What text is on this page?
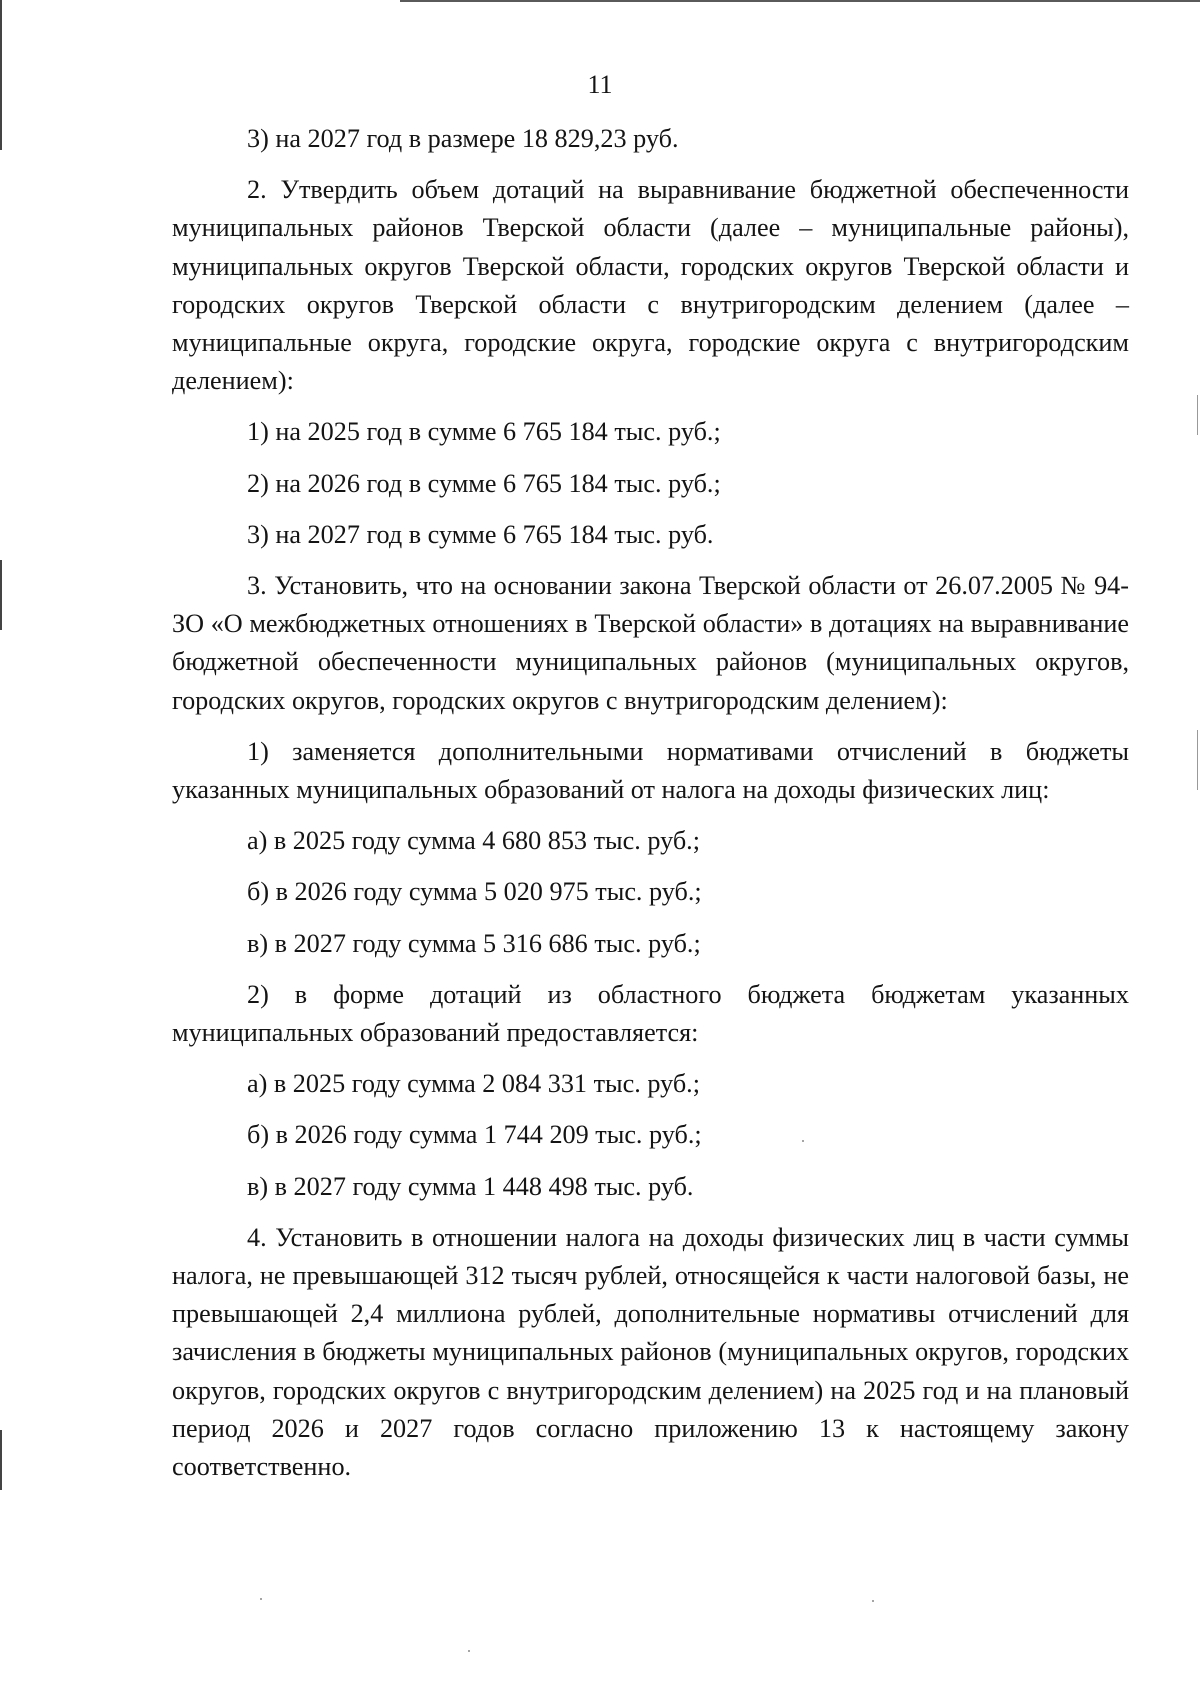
11

3) на 2027 год в размере 18 829,23 руб.

2. Утвердить объем дотаций на выравнивание бюджетной обеспеченности муниципальных районов Тверской области (далее – муниципальные районы), муниципальных округов Тверской области, городских округов Тверской области и городских округов Тверской области с внутригородским делением (далее – муниципальные округа, городские округа, городские округа с внутригородским делением):

1) на 2025 год в сумме 6 765 184 тыс. руб.;

2) на 2026 год в сумме 6 765 184 тыс. руб.;

3) на 2027 год в сумме 6 765 184 тыс. руб.

3. Установить, что на основании закона Тверской области от 26.07.2005 № 94-ЗО «О межбюджетных отношениях в Тверской области» в дотациях на выравнивание бюджетной обеспеченности муниципальных районов (муниципальных округов, городских округов, городских округов с внутригородским делением):

1) заменяется дополнительными нормативами отчислений в бюджеты указанных муниципальных образований от налога на доходы физических лиц:

а) в 2025 году сумма 4 680 853 тыс. руб.;

б) в 2026 году сумма 5 020 975 тыс. руб.;

в) в 2027 году сумма 5 316 686 тыс. руб.;

2) в форме дотаций из областного бюджета бюджетам указанных муниципальных образований предоставляется:

а) в 2025 году сумма 2 084 331 тыс. руб.;

б) в 2026 году сумма 1 744 209 тыс. руб.;

в) в 2027 году сумма 1 448 498 тыс. руб.

4. Установить в отношении налога на доходы физических лиц в части суммы налога, не превышающей 312 тысяч рублей, относящейся к части налоговой базы, не превышающей 2,4 миллиона рублей, дополнительные нормативы отчислений для зачисления в бюджеты муниципальных районов (муниципальных округов, городских округов, городских округов с внутригородским делением) на 2025 год и на плановый период 2026 и 2027 годов согласно приложению 13 к настоящему закону соответственно.
